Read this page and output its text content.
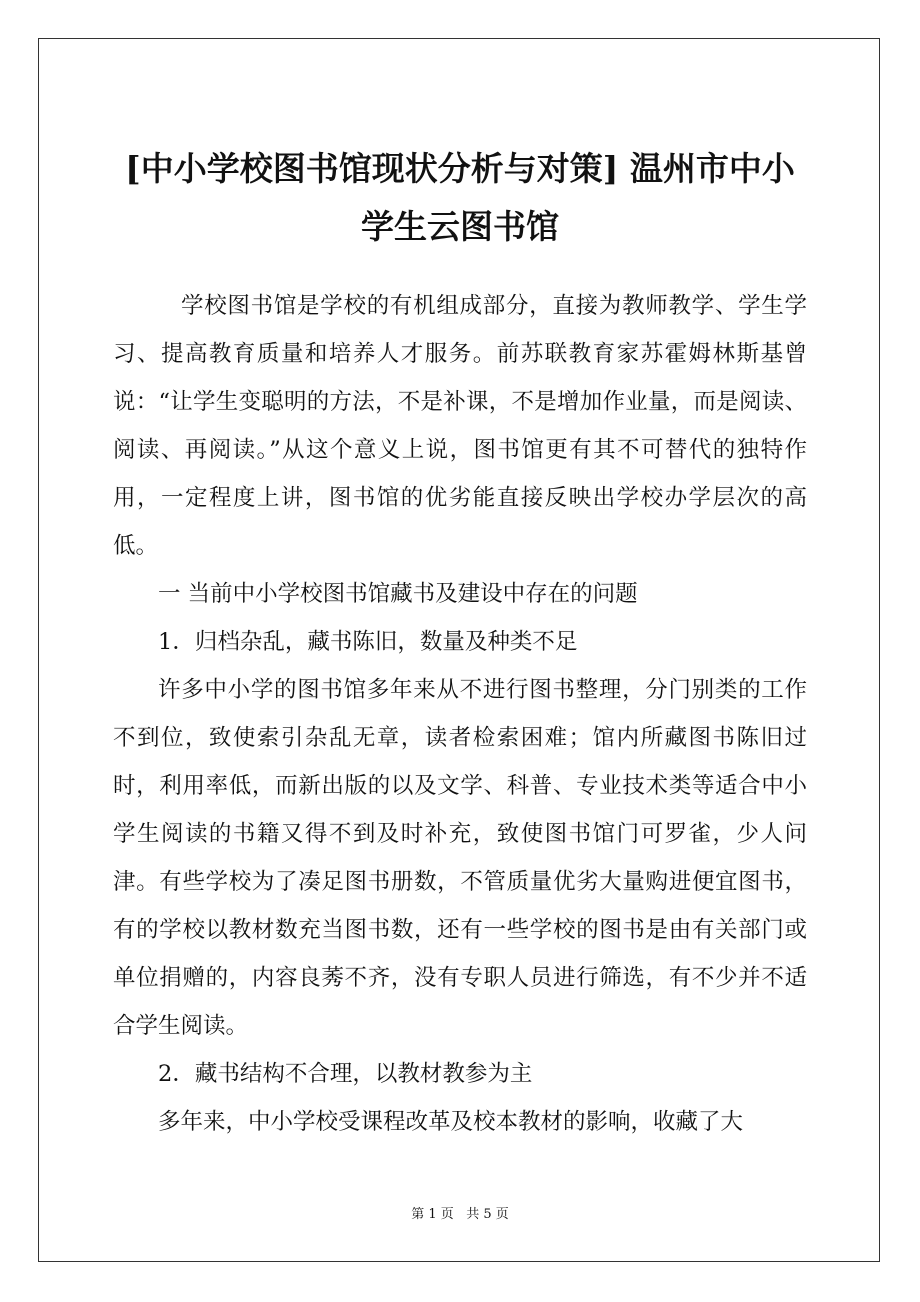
[中小学校图书馆现状分析与对策] 温州市中小
学生云图书馆

学校图书馆是学校的有机组成部分，直接为教师教学、学生学习、提高教育质量和培养人才服务。前苏联教育家苏霍姆林斯基曾说：“让学生变聪明的方法，不是补课，不是增加作业量，而是阅读、阅读、再阅读。”从这个意义上说，图书馆更有其不可替代的独特作用，一定程度上讲，图书馆的优劣能直接反映出学校办学层次的高低。

一 当前中小学校图书馆藏书及建设中存在的问题

1．归档杂乱，藏书陈旧，数量及种类不足

许多中小学的图书馆多年来从不进行图书整理，分门别类的工作不到位，致使索引杂乱无章，读者检索困难；馆内所藏图书陈旧过时，利用率低，而新出版的以及文学、科普、专业技术类等适合中小学生阅读的书籍又得不到及时补充，致使图书馆门可罗雀，少人问津。有些学校为了凑足图书册数，不管质量优劣大量购进便宜图书，有的学校以教材数充当图书数，还有一些学校的图书是由有关部门或单位捐赠的，内容良莠不齐，没有专职人员进行筛选，有不少并不适合学生阅读。

2．藏书结构不合理，以教材教参为主

多年来，中小学校受课程改革及校本教材的影响，收藏了大

第 1 页   共 5 页
